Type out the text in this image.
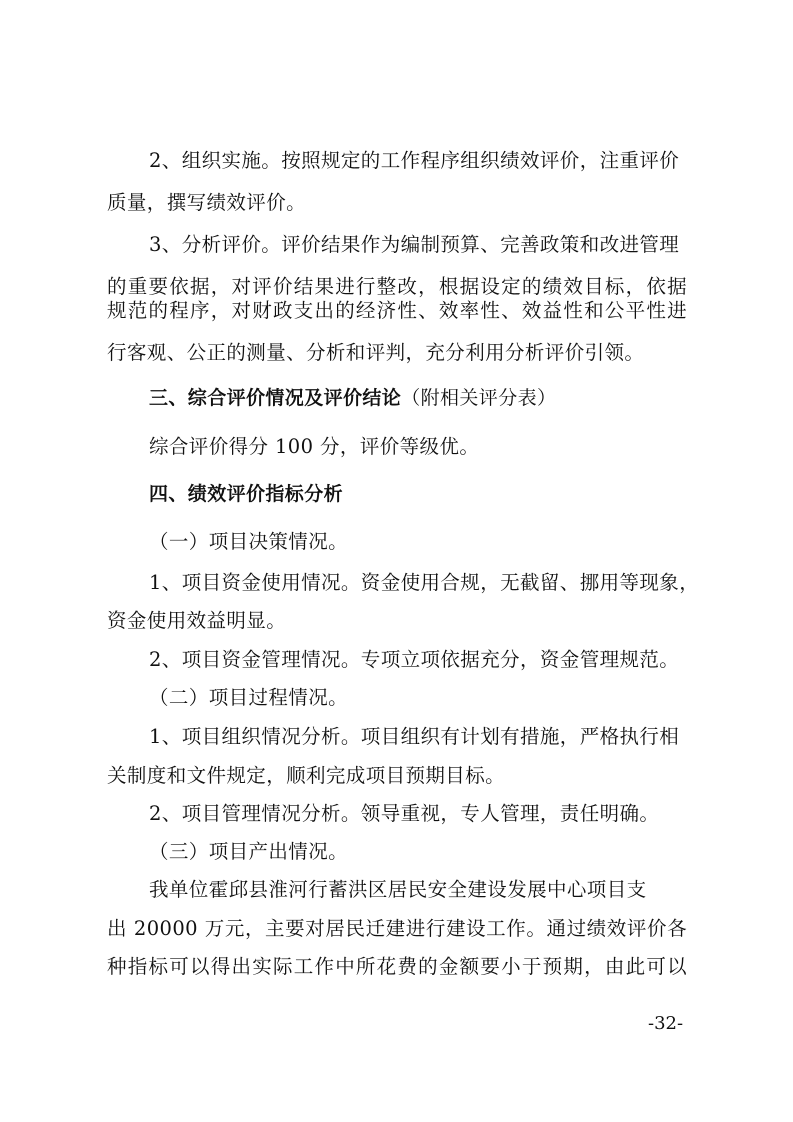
2、组织实施。按照规定的工作程序组织绩效评价，注重评价
质量，撰写绩效评价。
3、分析评价。评价结果作为编制预算、完善政策和改进管理
的重要依据，对评价结果进行整改，根据设定的绩效目标，依据
规范的程序，对财政支出的经济性、效率性、效益性和公平性进
行客观、公正的测量、分析和评判，充分利用分析评价引领。
三、综合评价情况及评价结论（附相关评分表）
综合评价得分 100 分，评价等级优。
四、绩效评价指标分析
（一）项目决策情况。
1、项目资金使用情况。资金使用合规，无截留、挪用等现象，
资金使用效益明显。
2、项目资金管理情况。专项立项依据充分，资金管理规范。
（二）项目过程情况。
1、项目组织情况分析。项目组织有计划有措施，严格执行相
关制度和文件规定，顺利完成项目预期目标。
2、项目管理情况分析。领导重视，专人管理，责任明确。
（三）项目产出情况。
我单位霍邱县淮河行蓄洪区居民安全建设发展中心项目支
出 20000 万元，主要对居民迁建进行建设工作。通过绩效评价各
种指标可以得出实际工作中所花费的金额要小于预期，由此可以
-32-
